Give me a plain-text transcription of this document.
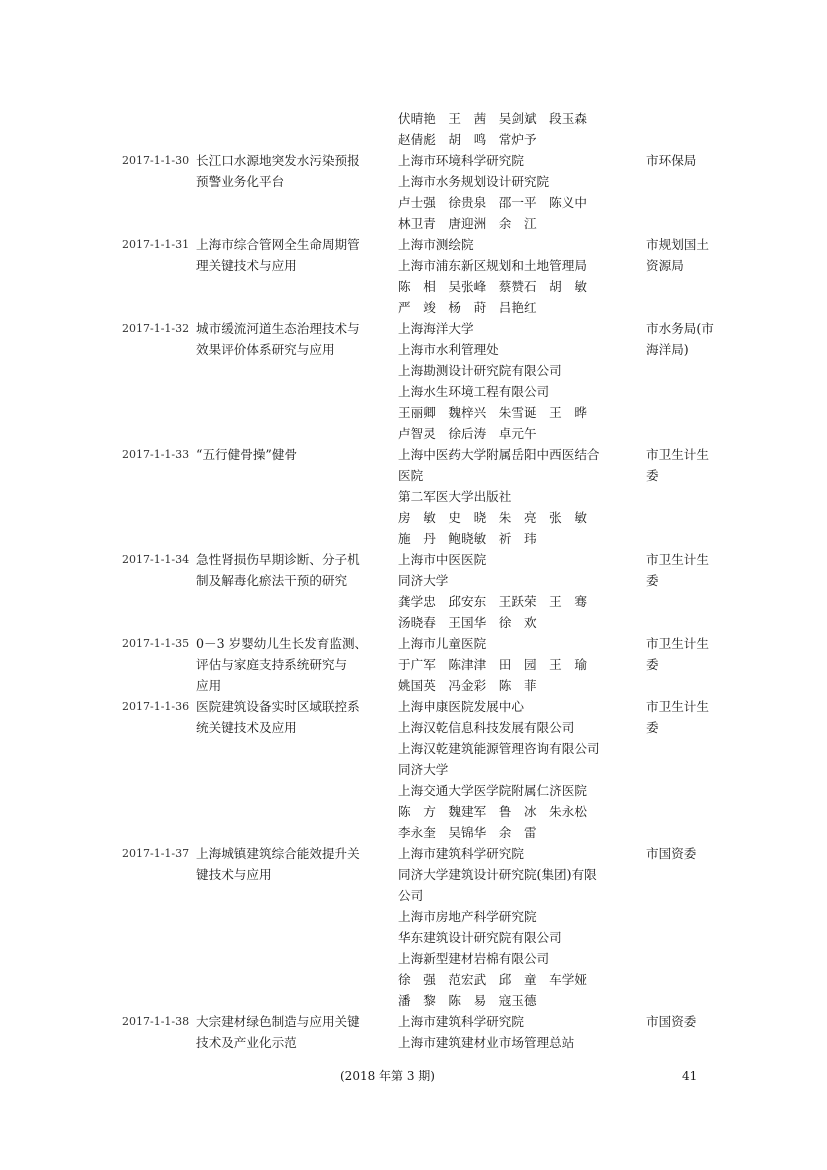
伏晴艳　王　茜　吴剑斌　段玉森
赵倩彪　胡　鸣　常炉予
2017-1-1-30 长江口水源地突发水污染预报
预警业务化平台
上海市环境科学研究院
上海市水务规划设计研究院
卢士强　徐贵泉　邵一平　陈义中
林卫青　唐迎洲　余　江
市环保局
2017-1-1-31 上海市综合管网全生命周期管
理关键技术与应用
上海市测绘院
上海市浦东新区规划和土地管理局
陈　相　吴张峰　蔡赞石　胡　敏
严　竣　杨　莳　吕艳红
市规划国土
资源局
2017-1-1-32 城市缓流河道生态治理技术与
效果评价体系研究与应用
上海海洋大学
上海市水利管理处
上海勘测设计研究院有限公司
上海水生环境工程有限公司
王丽卿　魏梓兴　朱雪诞　王　晔
卢智灵　徐后涛　卓元午
市水务局(市
海洋局)
2017-1-1-33 “五行健骨操”健骨	上海中医药大学附属岳阳中西医结合
医院
第二军医大学出版社
房　敏　史　晓　朱　亮　张　敏
施　丹　鲍晓敏　祈　玮
市卫生计生
委
2017-1-1-34 急性肾损伤早期诊断、分子机
制及解毒化瘀法干预的研究
上海市中医医院
同济大学
龚学忠　邱安东　王跃荣　王　骞
汤晓春　王国华　徐　欢
市卫生计生
委
2017-1-1-35 0－3 岁婴幼儿生长发育监测、
评估与家庭支持系统研究与
应用
上海市儿童医院
于广军　陈津津　田　园　王　瑜
姚国英　冯金彩　陈　菲
市卫生计生
委
2017-1-1-36 医院建筑设备实时区域联控系
统关键技术及应用
上海申康医院发展中心
上海汉乾信息科技发展有限公司
上海汉乾建筑能源管理咨询有限公司
同济大学
上海交通大学医学院附属仁济医院
陈　方　魏建军　鲁　冰　朱永松
李永奎　吴锦华　余　雷
市卫生计生
委
2017-1-1-37 上海城镇建筑综合能效提升关
键技术与应用
上海市建筑科学研究院
同济大学建筑设计研究院(集团)有限
公司
上海市房地产科学研究院
华东建筑设计研究院有限公司
上海新型建材岩棉有限公司
徐　强　范宏武　邱　童　车学娅
潘　黎　陈　易　寇玉德
市国资委
2017-1-1-38 大宗建材绿色制造与应用关键
技术及产业化示范
上海市建筑科学研究院
上海市建筑建材业市场管理总站
市国资委
(2018 年第 3 期)	41
